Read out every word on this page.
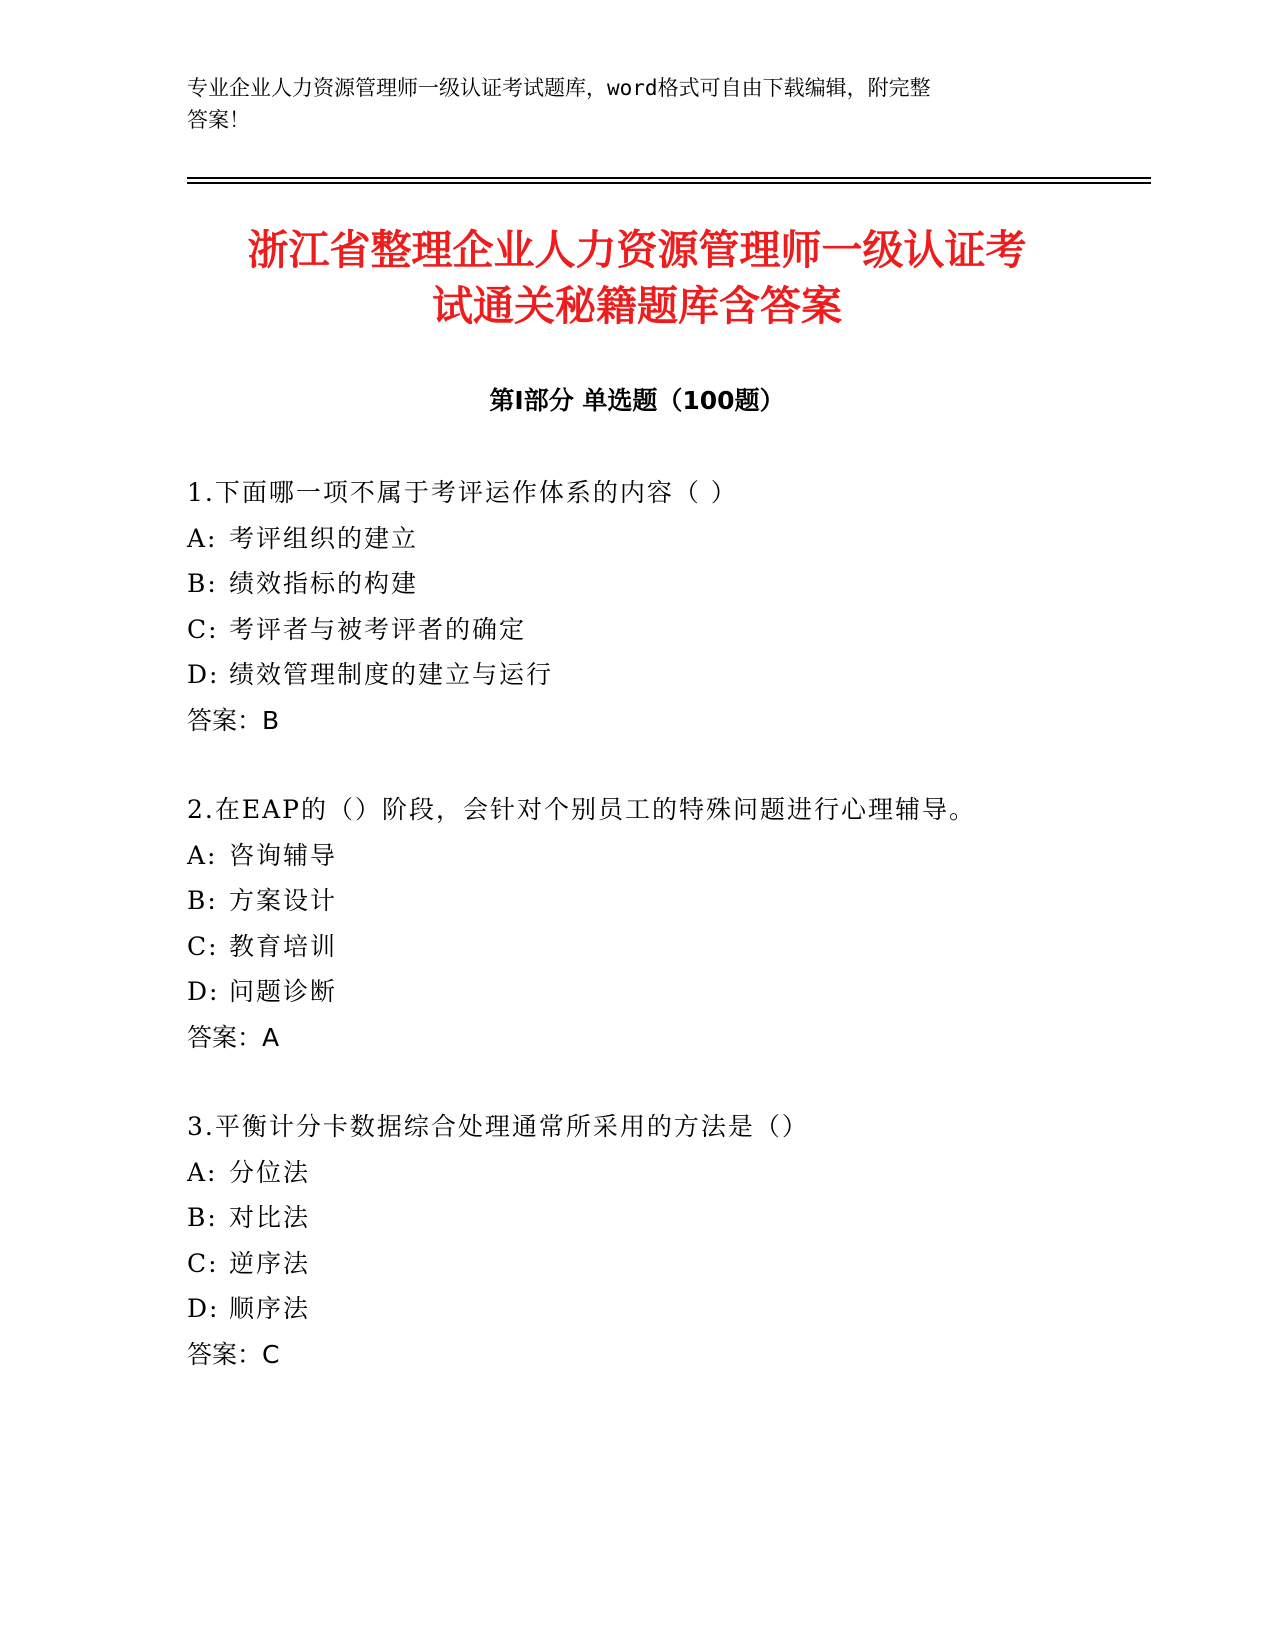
专业企业人力资源管理师一级认证考试题库，word格式可自由下载编辑，附完整
答案！
浙江省整理企业人力资源管理师一级认证考
试通关秘籍题库含答案
第Ⅰ部分 单选题（100题）
1.下面哪一项不属于考评运作体系的内容（ ）
A: 考评组织的建立
B: 绩效指标的构建
C: 考评者与被考评者的确定
D: 绩效管理制度的建立与运行
答案：B
2.在EAP的（）阶段，会针对个别员工的特殊问题进行心理辅导。
A: 咨询辅导
B: 方案设计
C: 教育培训
D: 问题诊断
答案：A
3.平衡计分卡数据综合处理通常所采用的方法是（）
A: 分位法
B: 对比法
C: 逆序法
D: 顺序法
答案：C
